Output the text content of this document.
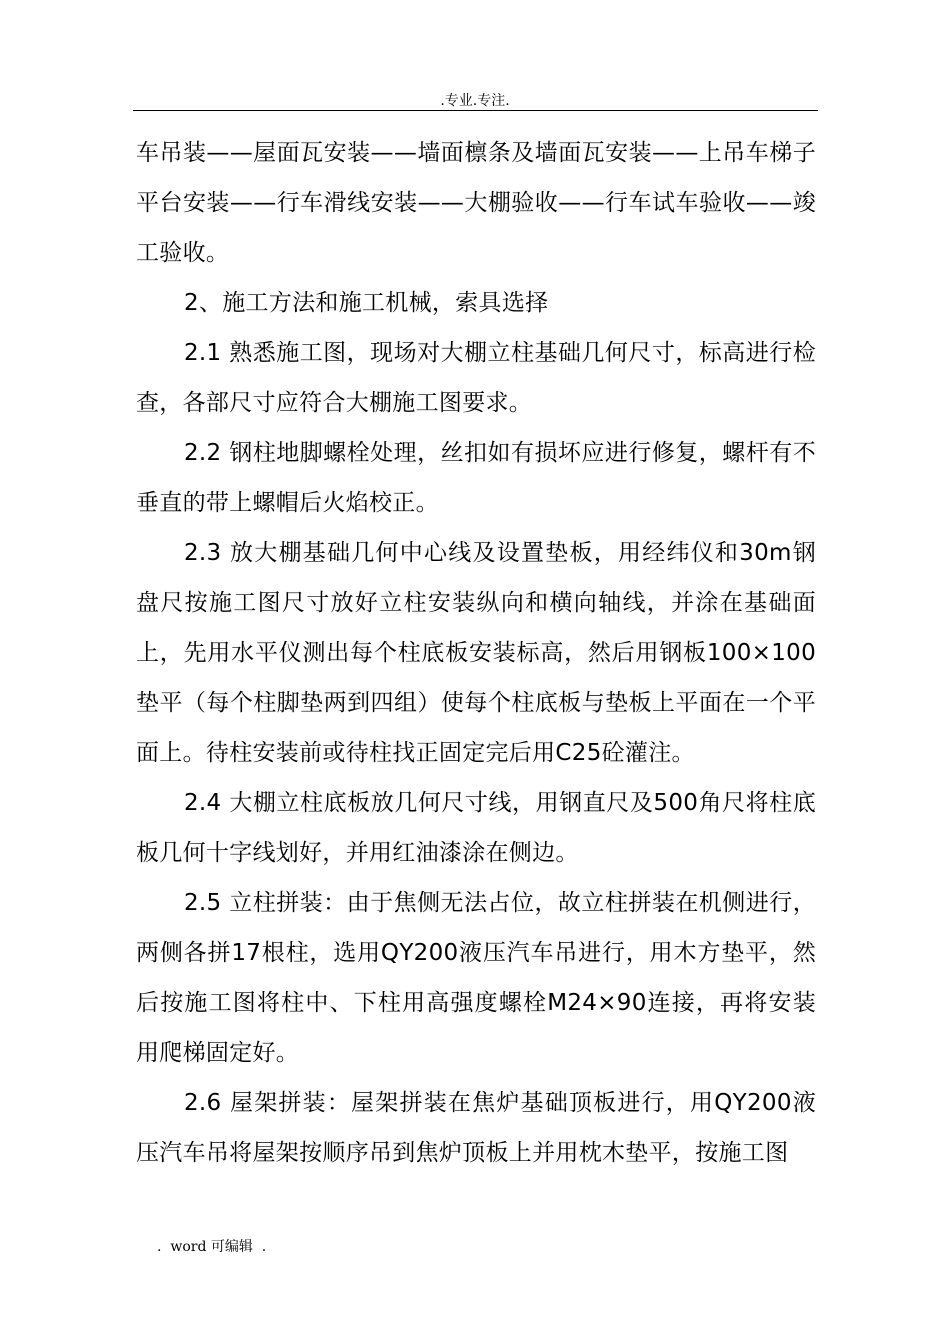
.专业.专注.

车吊装——屋面瓦安装——墙面檩条及墙面瓦安装——上吊车梯子平台安装——行车滑线安装——大棚验收——行车试车验收——竣工验收。

2、施工方法和施工机械，索具选择

2.1 熟悉施工图，现场对大棚立柱基础几何尺寸，标高进行检查，各部尺寸应符合大棚施工图要求。

2.2 钢柱地脚螺栓处理，丝扣如有损坏应进行修复，螺杆有不垂直的带上螺帽后火焰校正。

2.3 放大棚基础几何中心线及设置垫板，用经纬仪和30m钢盘尺按施工图尺寸放好立柱安装纵向和横向轴线，并涂在基础面上，先用水平仪测出每个柱底板安装标高，然后用钢板100×100垫平（每个柱脚垫两到四组）使每个柱底板与垫板上平面在一个平面上。待柱安装前或待柱找正固定完后用C25砼灌注。

2.4 大棚立柱底板放几何尺寸线，用钢直尺及500角尺将柱底板几何十字线划好，并用红油漆涂在侧边。

2.5 立柱拼装：由于焦侧无法占位，故立柱拼装在机侧进行，两侧各拼17根柱，选用QY200液压汽车吊进行，用木方垫平，然后按施工图将柱中、下柱用高强度螺栓M24×90连接，再将安装用爬梯固定好。

2.6 屋架拼装：屋架拼装在焦炉基础顶板进行，用QY200液压汽车吊将屋架按顺序吊到焦炉顶板上并用枕木垫平，按施工图

.  word 可编辑  .
